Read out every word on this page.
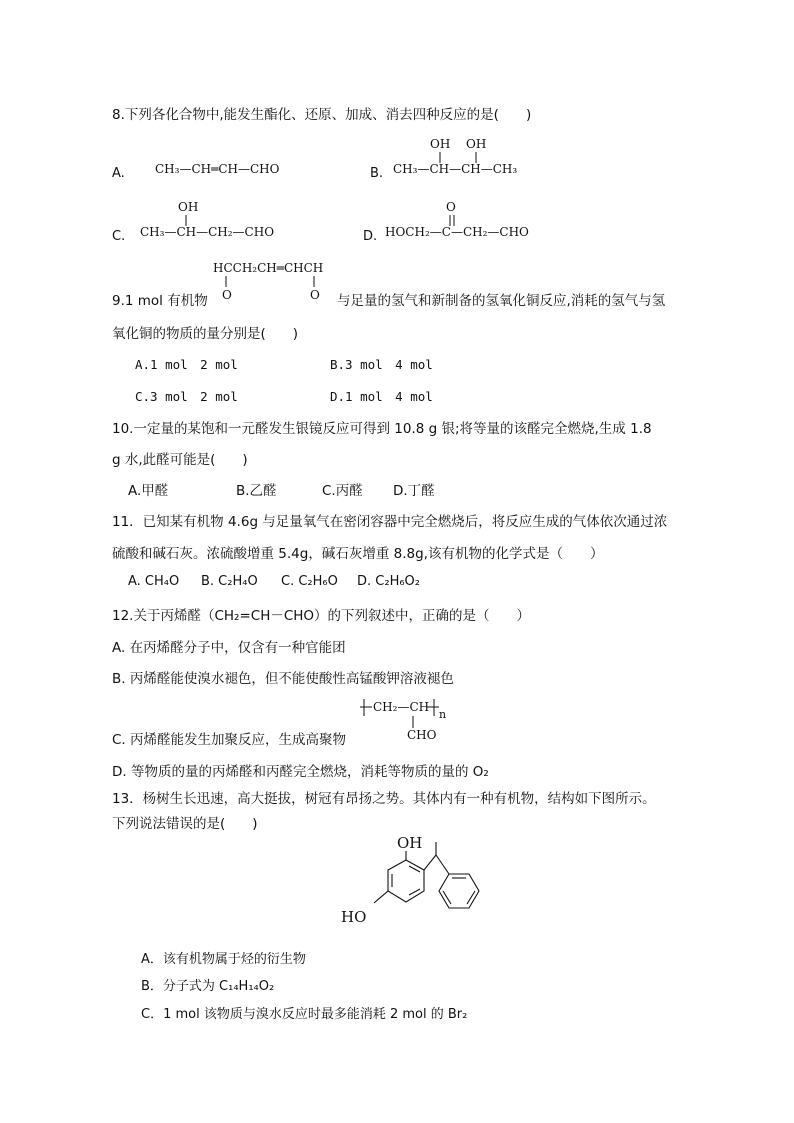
8.下列各化合物中,能发生酯化、还原、加成、消去四种反应的是(　　)
A.	CH₃—CH═CH—CHO
OH OH
B. CH₃—CH—CH—CH₃
OH
C. CH₃—CH—CH₂—CHO
O
D. HOCH₂—C—CH₂—CHO
HCCH₂CH═CHCH
O	O
9.1 mol 有机物	与足量的氢气和新制备的氢氧化铜反应,消耗的氢气与氢
氧化铜的物质的量分别是(　　)
A.1 mol　2 mol	B.3 mol　4 mol
C.3 mol　2 mol	D.1 mol　4 mol
10.一定量的某饱和一元醛发生银镜反应可得到 10.8 g 银;将等量的该醛完全燃烧,生成 1.8
g 水,此醛可能是(　　)
A.甲醛	B.乙醛	C.丙醛 D.丁醛
11．已知某有机物 4.6g 与足量氧气在密闭容器中完全燃烧后，将反应生成的气体依次通过浓
硫酸和碱石灰。浓硫酸增重 5.4g，碱石灰增重 8.8g,该有机物的化学式是（　　）
A. CH₄O B. C₂H₄O C. C₂H₆O D. C₂H₆O₂
12.关于丙烯醛（CH₂=CH－CHO）的下列叙述中，正确的是（　　）
A. 在丙烯醛分子中，仅含有一种官能团
B. 丙烯醛能使溴水褪色，但不能使酸性高锰酸钾溶液褪色
CH₂—CH
n
CHO
C. 丙烯醛能发生加聚反应，生成高聚物
D. 等物质的量的丙烯醛和丙醛完全燃烧，消耗等物质的量的 O₂
13．杨树生长迅速，高大挺拔，树冠有昂扬之势。其体内有一种有机物，结构如下图所示。
下列说法错误的是(　　)
OH
HO
A．该有机物属于烃的衍生物
B．分子式为 C₁₄H₁₄O₂
C．1 mol 该物质与溴水反应时最多能消耗 2 mol 的 Br₂
